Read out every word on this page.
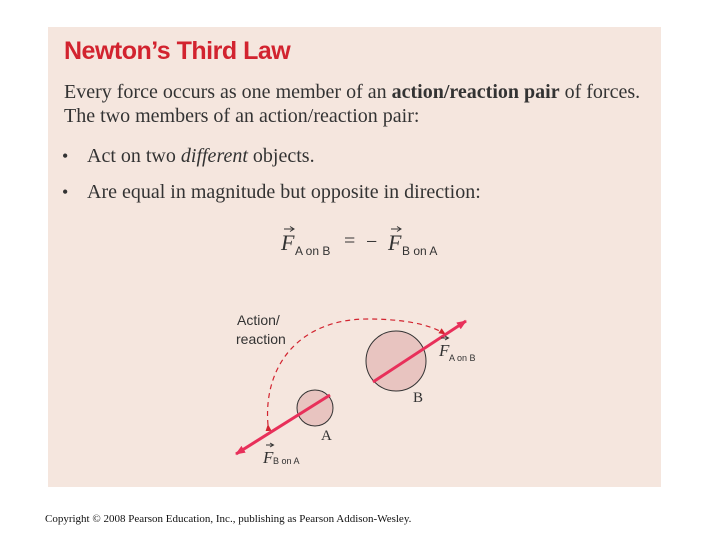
Newton’s Third Law

Every force occurs as one member of an action/reaction pair of forces. The two members of an action/reaction pair:

• Act on two different objects.
• Are equal in magnitude but opposite in direction:
F A on B = − F B on A
Action/
reaction
B
A
F A on B
F B on A

Copyright © 2008 Pearson Education, Inc., publishing as Pearson Addison-Wesley.
